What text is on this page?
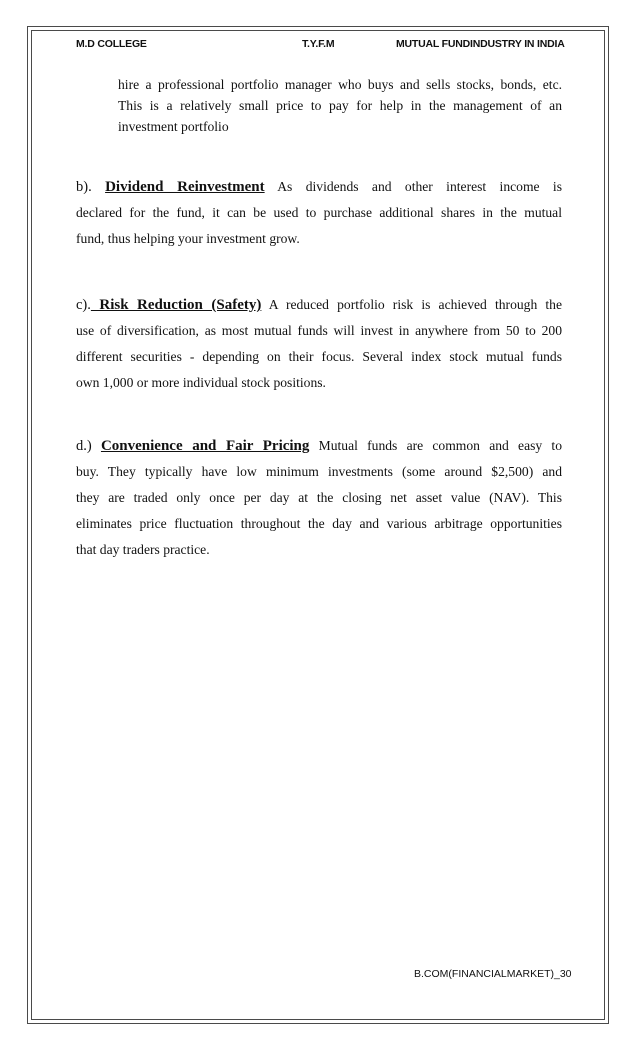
M.D COLLEGE	T.Y.F.M	MUTUAL FUNDINDUSTRY IN INDIA
hire a professional portfolio manager who buys and sells stocks, bonds, etc.
This is a relatively small price to pay for help in the management of an
investment portfolio
b). Dividend Reinvestment As dividends and other interest income is
declared for the fund, it can be used to purchase additional shares in the mutual
fund, thus helping your investment grow.
c). Risk Reduction (Safety) A reduced portfolio risk is achieved through the
use of diversification, as most mutual funds will invest in anywhere from 50 to 200
different securities - depending on their focus. Several index stock mutual funds
own 1,000 or more individual stock positions.
d.) Convenience and Fair Pricing Mutual funds are common and easy to
buy. They typically have low minimum investments (some around $2,500) and
they are traded only once per day at the closing net asset value (NAV). This
eliminates price fluctuation throughout the day and various arbitrage opportunities
that day traders practice.
B.COM(FINANCIALMARKET)_30
